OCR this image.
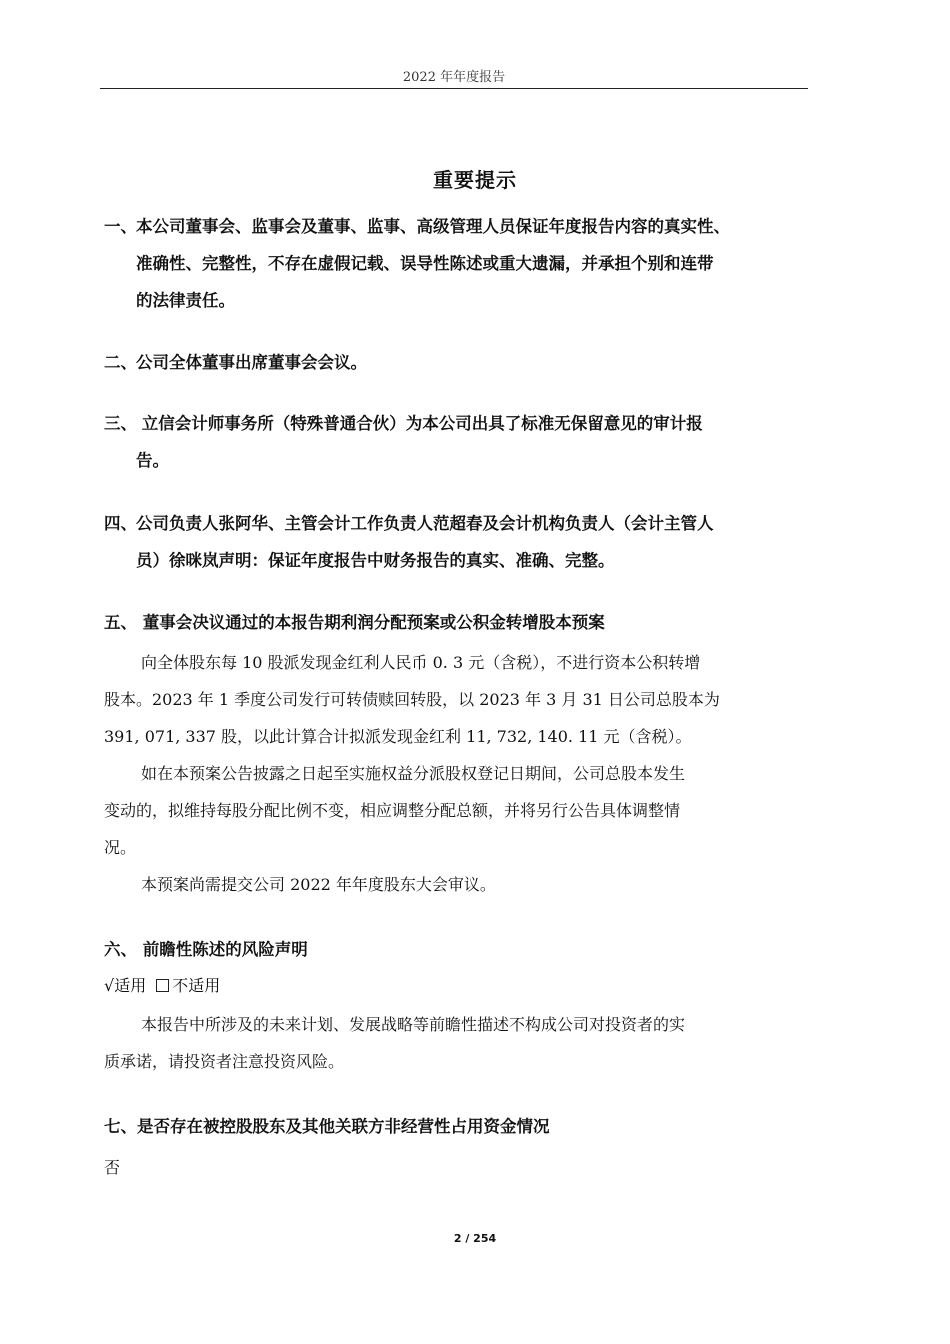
2022 年年度报告
重要提示
一、本公司董事会、监事会及董事、监事、高级管理人员保证年度报告内容的真实性、
准确性、完整性，不存在虚假记载、误导性陈述或重大遗漏，并承担个别和连带
的法律责任。
二、公司全体董事出席董事会会议。
三、 立信会计师事务所（特殊普通合伙）为本公司出具了标准无保留意见的审计报
告。
四、公司负责人张阿华、主管会计工作负责人范超春及会计机构负责人（会计主管人
员）徐咪岚声明：保证年度报告中财务报告的真实、准确、完整。
五、 董事会决议通过的本报告期利润分配预案或公积金转增股本预案
向全体股东每 10 股派发现金红利人民币 0. 3 元（含税），不进行资本公积转增
股本。2023 年 1 季度公司发行可转债赎回转股，以 2023 年 3 月 31 日公司总股本为
391, 071, 337 股，以此计算合计拟派发现金红利 11, 732, 140. 11 元（含税）。
如在本预案公告披露之日起至实施权益分派股权登记日期间，公司总股本发生
变动的，拟维持每股分配比例不变，相应调整分配总额，并将另行公告具体调整情
况。
本预案尚需提交公司 2022 年年度股东大会审议。
六、 前瞻性陈述的风险声明
√适用 不适用
本报告中所涉及的未来计划、发展战略等前瞻性描述不构成公司对投资者的实
质承诺，请投资者注意投资风险。
七、是否存在被控股股东及其他关联方非经营性占用资金情况
否
2 / 254
